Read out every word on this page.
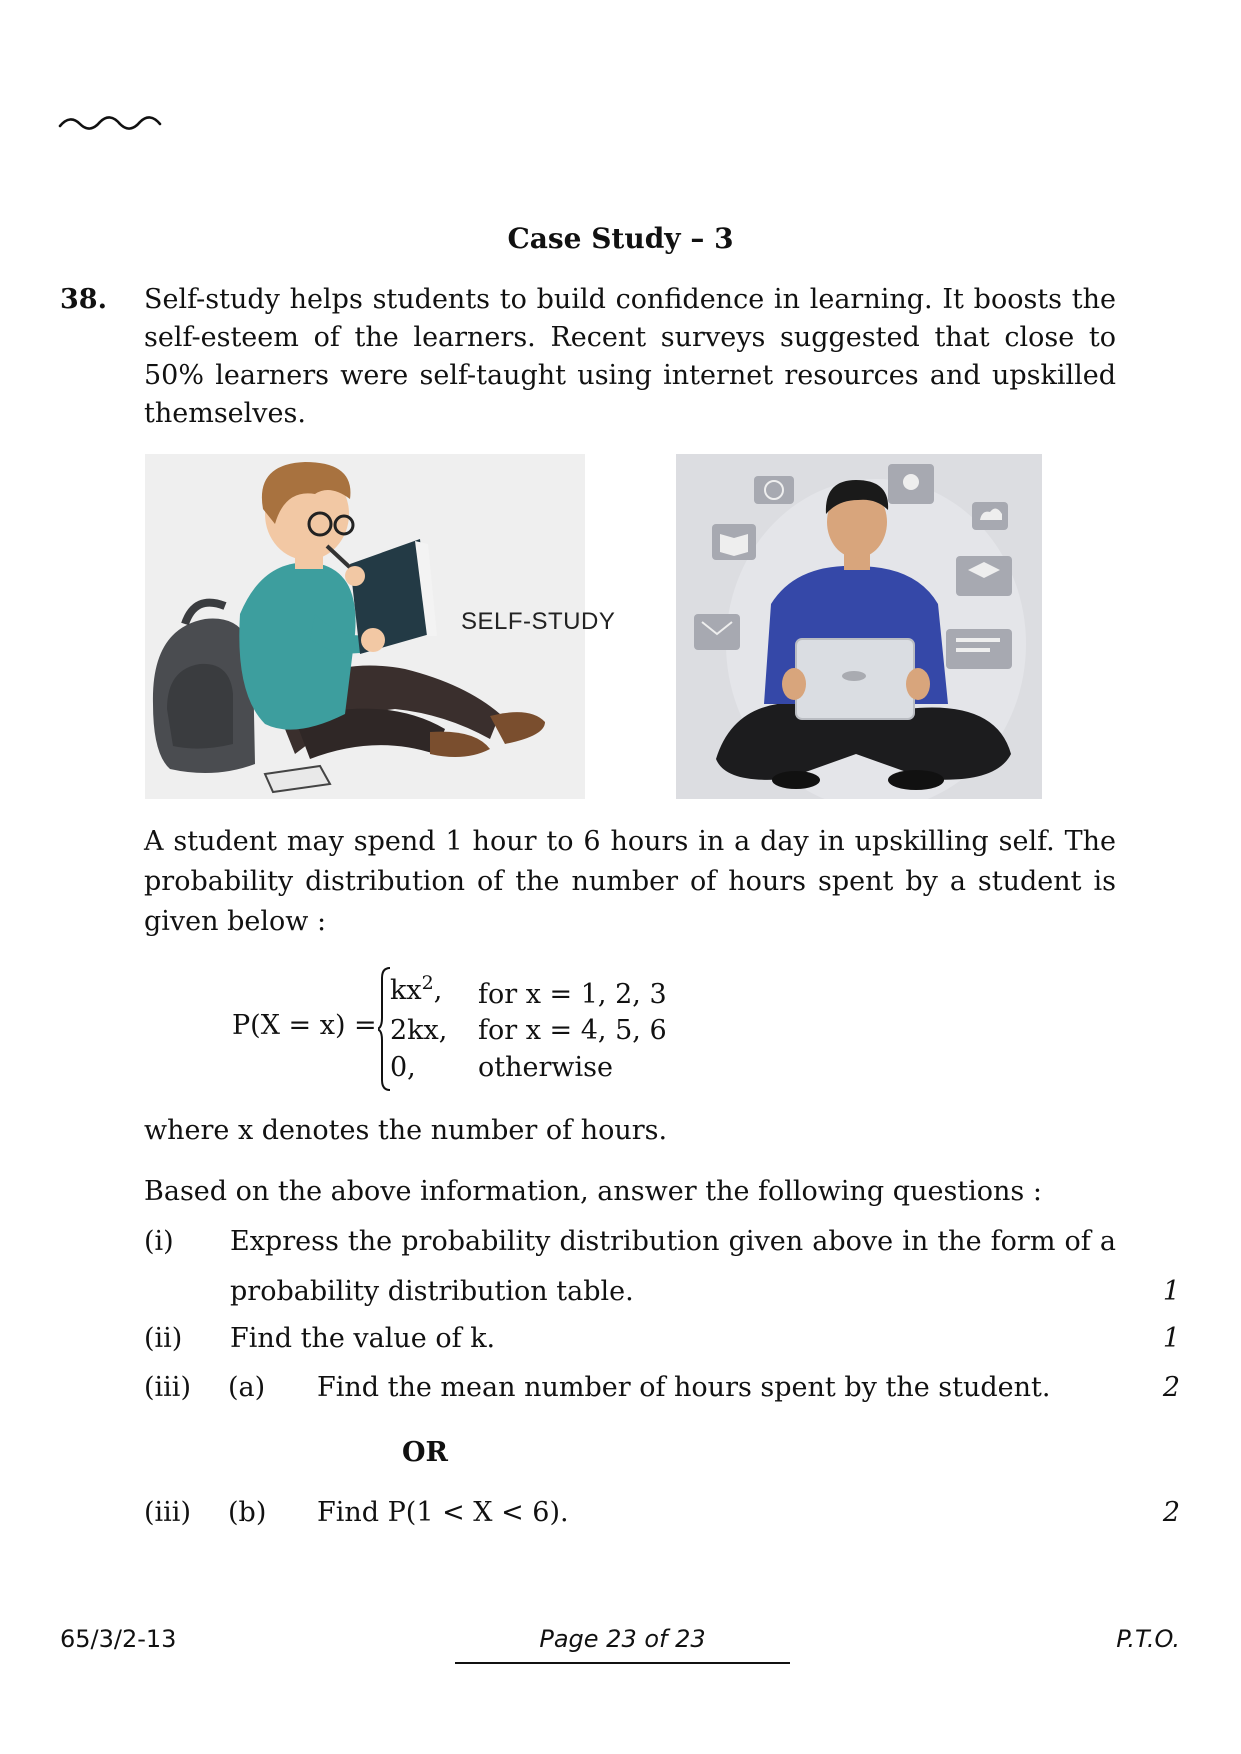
Case Study – 3
38. Self-study helps students to build confidence in learning. It boosts the self-esteem of the learners. Recent surveys suggested that close to 50% learners were self-taught using internet resources and upskilled themselves.
SELF-STUDY
A student may spend 1 hour to 6 hours in a day in upskilling self. The probability distribution of the number of hours spent by a student is given below :
P(X = x) =
$kx^2$, for x = 1, 2, 3
2kx, for x = 4, 5, 6
0, otherwise
where x denotes the number of hours.
Based on the above information, answer the following questions :
(i) Express the probability distribution given above in the form of a
probability distribution table.	1
(ii) Find the value of k.	1
(iii) (a) Find the mean number of hours spent by the student.	2
OR
(iii) (b) Find P(1 < X < 6).	2
65/3/2-13	Page 23 of 23	P.T.O.
